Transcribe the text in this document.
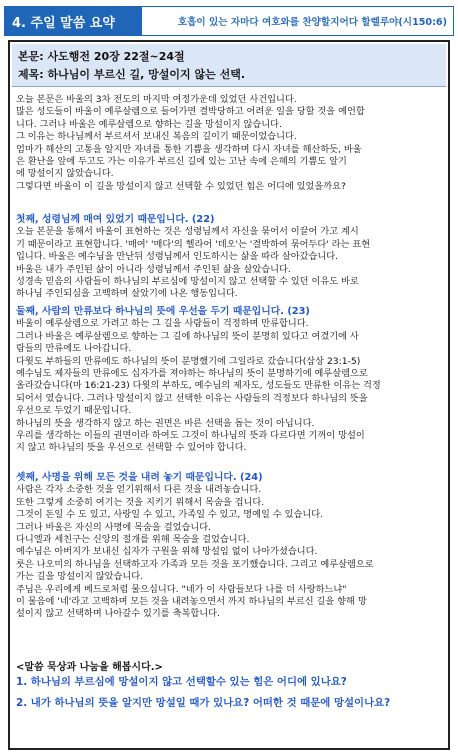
4. 주일 말씀 요약	호흡이 있는 자마다 여호와를 찬양할지어다 할렐루야(시150:6)
본문: 사도행전 20장 22절~24절
제목: 하나님이 부르신 길, 망설이지 않는 선택.

오늘 본문은 바울의 3차 전도의 마지막 여정가운데 있었던 사건입니다.

많은 성도들이 바울이 예루살렘으로 들어가면 결박당하고 어려운 일을 당할 것을 예언합

니다. 그러나 바울은 예루살렘으로 향하는 길을 망설이지 않습니다.

그 이유는 하나님께서 부르셔서 보내신 복음의 길이기 때문이었습니다.

엄마가 해산의 고통을 알지만 자녀를 통한 기쁨을 생각하며 다시 자녀를 해산하듯, 바울

은 환난을 앞에 두고도 가는 이유가 부르신 길에 있는 고난 속에 은혜의 기쁨도 알기

에 망설이지 않았습니다.

그렇다면 바울이 이 길을 망설이지 않고 선택할 수 있었던 힘은 어디에 있었을까요?

첫째, 성령님께 매여 있었기 때문입니다. (22)

오늘 본문을 통해서 바울이 표현하는 것은 성령님께서 자신을 묶어서 이끌어 가고 계시

기 때문이라고 표현합니다. '매여' '매다'의 헬라어 '데오'는 '결박하여 묶어두다' 라는 표현

입니다. 바울은 예수님을 만난뒤 성령님께서 인도하시는 삶을 따라 살아갔습니다.

바울은 내가 주인된 삶이 아니라 성령님께서 주인된 삶을 살았습니다.

성경속 믿음의 사람들이 하나님의 부르심에 망설이지 않고 선택할 수 있던 이유도 바로

하나님 주인되심을 고백하며 살았기에 나온 행동입니다.

둘째, 사람의 만류보다 하나님의 뜻에 우선을 두기 때문입니다. (23)

바울이 예루살렘으로 가려고 하는 그 길을 사람들이 걱정하며 만류합니다.

그러나 바울은 예루살렘으로 향하는 그 길에 하나님의 뜻이 분명히 있다고 여겼기에 사

람들의 만류에도 나아갑니다.

다윗도 부하들의 만류에도 하나님의 뜻이 분명했기에 그일라로 갔습니다(삼상 23:1-5)

예수님도 제자들의 만류에도 십자가를 져야하는 하나님의 뜻이 분명하기에 예루살렘으로

올라갔습니다(마 16:21-23) 다윗의 부하도, 예수님의 제자도, 성도들도 만류한 이유는 걱정

되어서 였습니다. 그러나 망설이지 않고 선택한 이유는 사람들의 걱정보다 하나님의 뜻을

우선으로 두었기 때문입니다.

하나님의 뜻을 생각하지 않고 하는 권면은 바른 선택을 돕는 것이 아닙니다.

우리를 생각하는 이들의 권면이라 하여도 그것이 하나님의 뜻과 다르다면 기꺼이 망설이

지 않고 하나님의 뜻을 우선으로 선택할 수 있어야 합니다.

셋째, 사명을 위해 모든 것을 내려 놓기 때문입니다. (24)

사람은 각자 소중한 것을 얻기위해서 다른 것을 내려놓습니다.

또한 그렇게 소중히 여기는 것을 지키기 위해서 목숨을 겁니다.

그것이 돈일 수 도 있고, 사랑일 수 있고, 가족일 수 있고, 명예일 수 있습니다.

그러나 바울은 자신의 사명에 목숨을 걸었습니다.

다니엘과 세친구는 신앙의 절개를 위해 목숨을 걸었습니다.

예수님은 아버지가 보내신 십자가 구원을 위해 망설임 없이 나아가셨습니다.

룻은 나오미의 하나님을 선택하고자 가족과 모든 것을 포기했습니다. 그리고 예루살렘으로

가는 길을 망설이지 않았습니다.

주님은 우리에게 베드로처럼 물으십니다. "네가 이 사람들보다 나를 더 사랑하느냐"

이 물음에 '네'라고 고백하며 모든 것을 내려놓으면서 까지 하나님의 부르신 길을 향해 망

설이지 않고 선택하며 나아갈수 있기를 축복합니다.

<말씀 묵상과 나눔을 해봅시다.>

1. 하나님의 부르심에 망설이지 않고 선택할수 있는 힘은 어디에 있나요?

2. 내가 하나님의 뜻을 알지만 망설일 때가 있나요? 어떠한 것 때문에 망설이나요?
